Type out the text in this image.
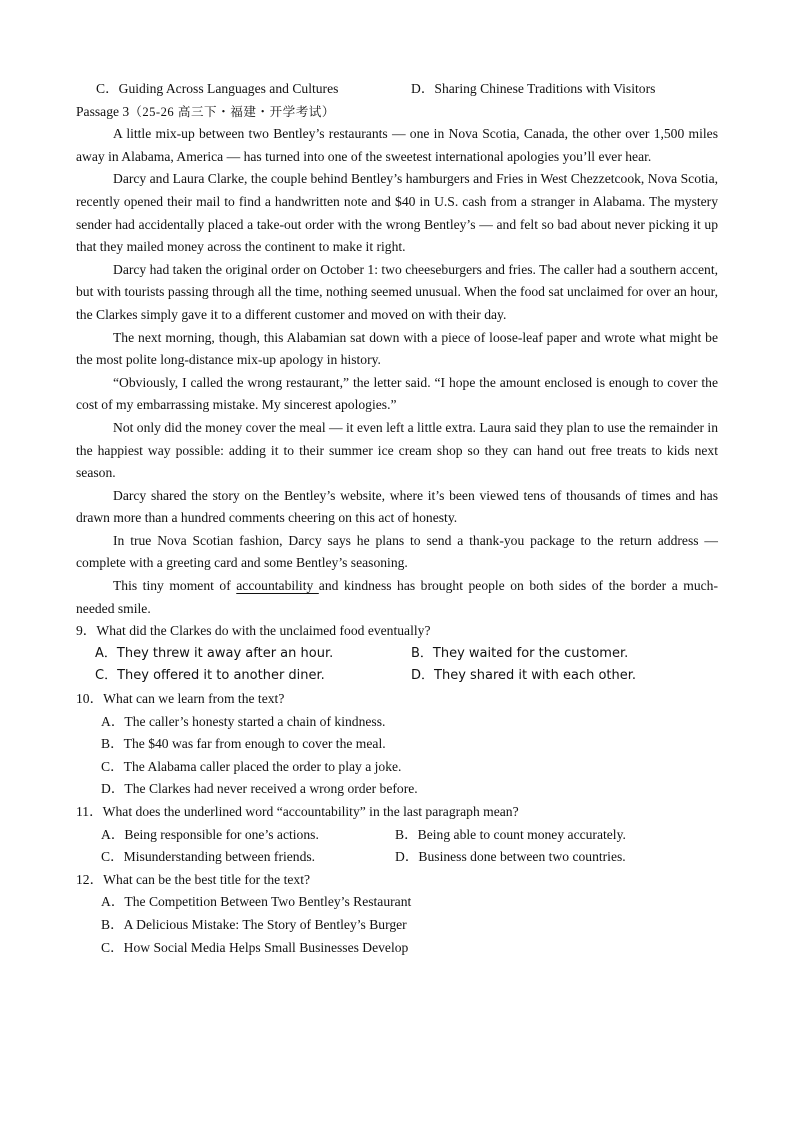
C．Guiding Across Languages and Cultures	D．Sharing Chinese Traditions with Visitors
Passage 3（25-26 高三下・福建・开学考试）

A little mix-up between two Bentley’s restaurants — one in Nova Scotia, Canada, the other over 1,500 miles away in Alabama, America — has turned into one of the sweetest international apologies you’ll ever hear.

Darcy and Laura Clarke, the couple behind Bentley’s hamburgers and Fries in West Chezzetcook, Nova Scotia, recently opened their mail to find a handwritten note and $40 in U.S. cash from a stranger in Alabama. The mystery sender had accidentally placed a take-out order with the wrong Bentley’s — and felt so bad about never picking it up that they mailed money across the continent to make it right.

Darcy had taken the original order on October 1: two cheeseburgers and fries. The caller had a southern accent, but with tourists passing through all the time, nothing seemed unusual. When the food sat unclaimed for over an hour, the Clarkes simply gave it to a different customer and moved on with their day.

The next morning, though, this Alabamian sat down with a piece of loose-leaf paper and wrote what might be the most polite long-distance mix-up apology in history.

“Obviously, I called the wrong restaurant,” the letter said. “I hope the amount enclosed is enough to cover the cost of my embarrassing mistake. My sincerest apologies.”

Not only did the money cover the meal — it even left a little extra. Laura said they plan to use the remainder in the happiest way possible: adding it to their summer ice cream shop so they can hand out free treats to kids next season.

Darcy shared the story on the Bentley’s website, where it’s been viewed tens of thousands of times and has drawn more than a hundred comments cheering on this act of honesty.

In true Nova Scotian fashion, Darcy says he plans to send a thank-you package to the return address — complete with a greeting card and some Bentley’s seasoning.

This tiny moment of accountability and kindness has brought people on both sides of the border a much-needed smile.

9．What did the Clarkes do with the unclaimed food eventually?

A．They threw it away after an hour.	B．They waited for the customer.
C．They offered it to another diner.	D．They shared it with each other.

10．What can we learn from the text?

A．The caller’s honesty started a chain of kindness.
B．The $40 was far from enough to cover the meal.
C．The Alabama caller placed the order to play a joke.
D．The Clarkes had never received a wrong order before.

11．What does the underlined word “accountability” in the last paragraph mean?

A．Being responsible for one’s actions.	B．Being able to count money accurately.
C．Misunderstanding between friends.	D．Business done between two countries.

12．What can be the best title for the text?

A．The Competition Between Two Bentley’s Restaurant
B．A Delicious Mistake: The Story of Bentley’s Burger
C．How Social Media Helps Small Businesses Develop
